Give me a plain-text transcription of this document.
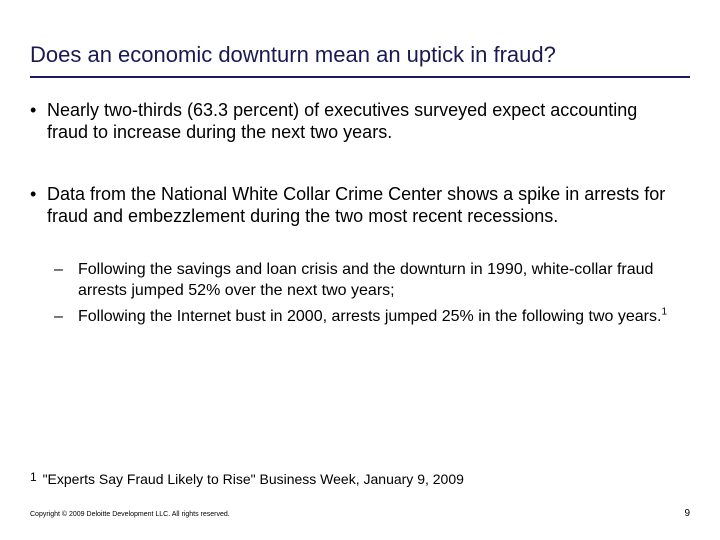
Does an economic downturn mean an uptick in fraud?
• Nearly two-thirds (63.3 percent) of executives surveyed expect accounting fraud to increase during the next two years.
• Data from the National White Collar Crime Center shows a spike in arrests for fraud and embezzlement during the two most recent recessions.
– Following the savings and loan crisis and the downturn in 1990, white-collar fraud arrests jumped 52% over the next two years;
– Following the Internet bust in 2000, arrests jumped 25% in the following two years.$^1$
1 "Experts Say Fraud Likely to Rise" Business Week, January 9, 2009
Copyright © 2009 Deloitte Development LLC. All rights reserved.	9
